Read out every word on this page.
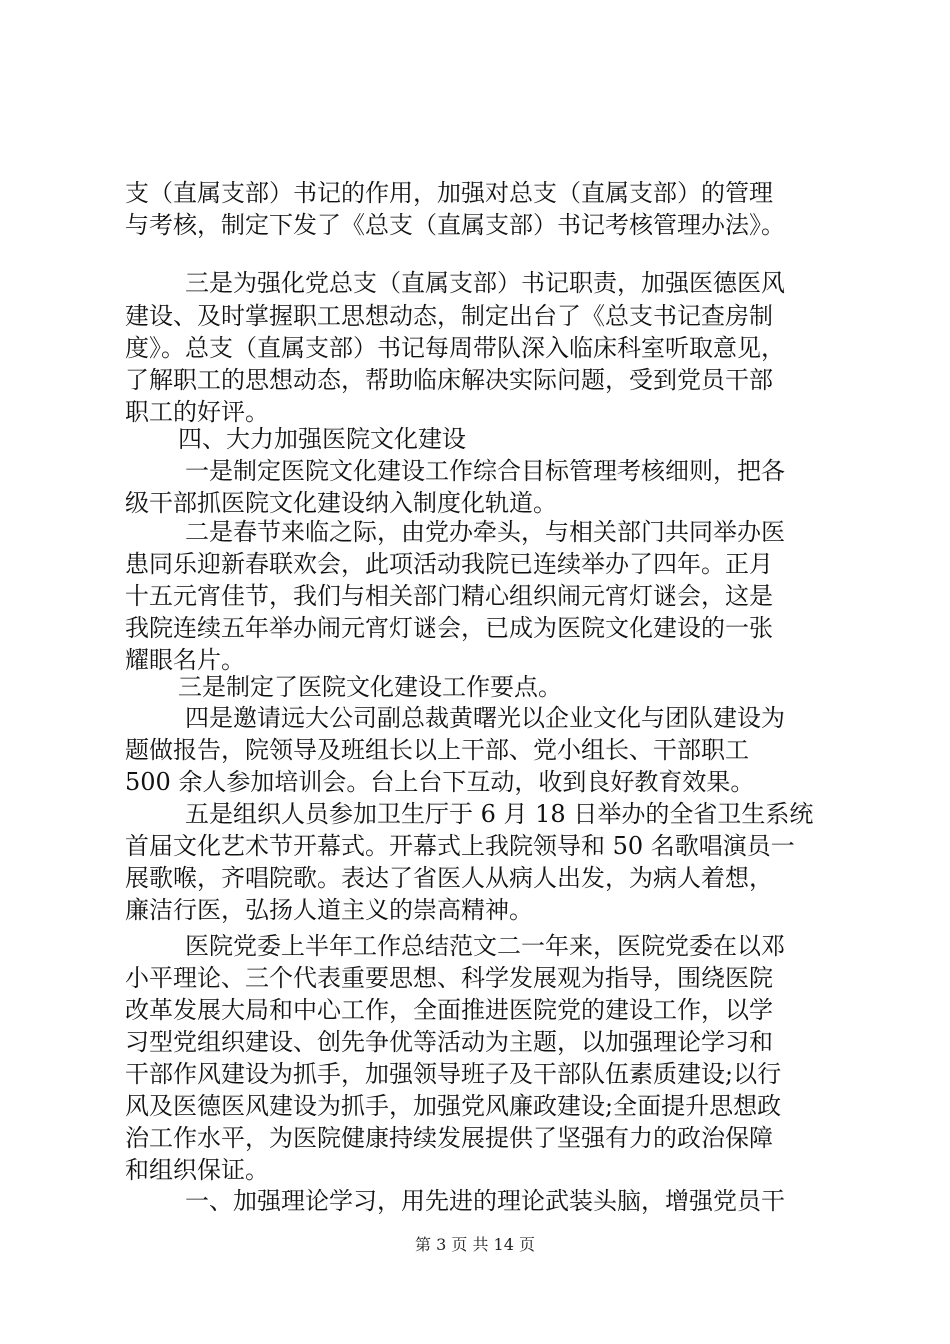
支（直属支部）书记的作用，加强对总支（直属支部）的管理
与考核，制定下发了《总支（直属支部）书记考核管理办法》。
三是为强化党总支（直属支部）书记职责，加强医德医风
建设、及时掌握职工思想动态，制定出台了《总支书记查房制
度》。总支（直属支部）书记每周带队深入临床科室听取意见，
了解职工的思想动态，帮助临床解决实际问题，受到党员干部
职工的好评。
四、大力加强医院文化建设
一是制定医院文化建设工作综合目标管理考核细则，把各
级干部抓医院文化建设纳入制度化轨道。
二是春节来临之际，由党办牵头，与相关部门共同举办医
患同乐迎新春联欢会，此项活动我院已连续举办了四年。正月
十五元宵佳节，我们与相关部门精心组织闹元宵灯谜会，这是
我院连续五年举办闹元宵灯谜会，已成为医院文化建设的一张
耀眼名片。
三是制定了医院文化建设工作要点。
四是邀请远大公司副总裁黄曙光以企业文化与团队建设为
题做报告，院领导及班组长以上干部、党小组长、干部职工
500 余人参加培训会。台上台下互动，收到良好教育效果。
五是组织人员参加卫生厅于 6 月 18 日举办的全省卫生系统
首届文化艺术节开幕式。开幕式上我院领导和 50 名歌唱演员一
展歌喉，齐唱院歌。表达了省医人从病人出发，为病人着想，
廉洁行医，弘扬人道主义的崇高精神。
医院党委上半年工作总结范文二一年来，医院党委在以邓
小平理论、三个代表重要思想、科学发展观为指导，围绕医院
改革发展大局和中心工作，全面推进医院党的建设工作，以学
习型党组织建设、创先争优等活动为主题，以加强理论学习和
干部作风建设为抓手，加强领导班子及干部队伍素质建设;以行
风及医德医风建设为抓手，加强党风廉政建设;全面提升思想政
治工作水平，为医院健康持续发展提供了坚强有力的政治保障
和组织保证。
一、加强理论学习，用先进的理论武装头脑，增强党员干
第 3 页 共 14 页
